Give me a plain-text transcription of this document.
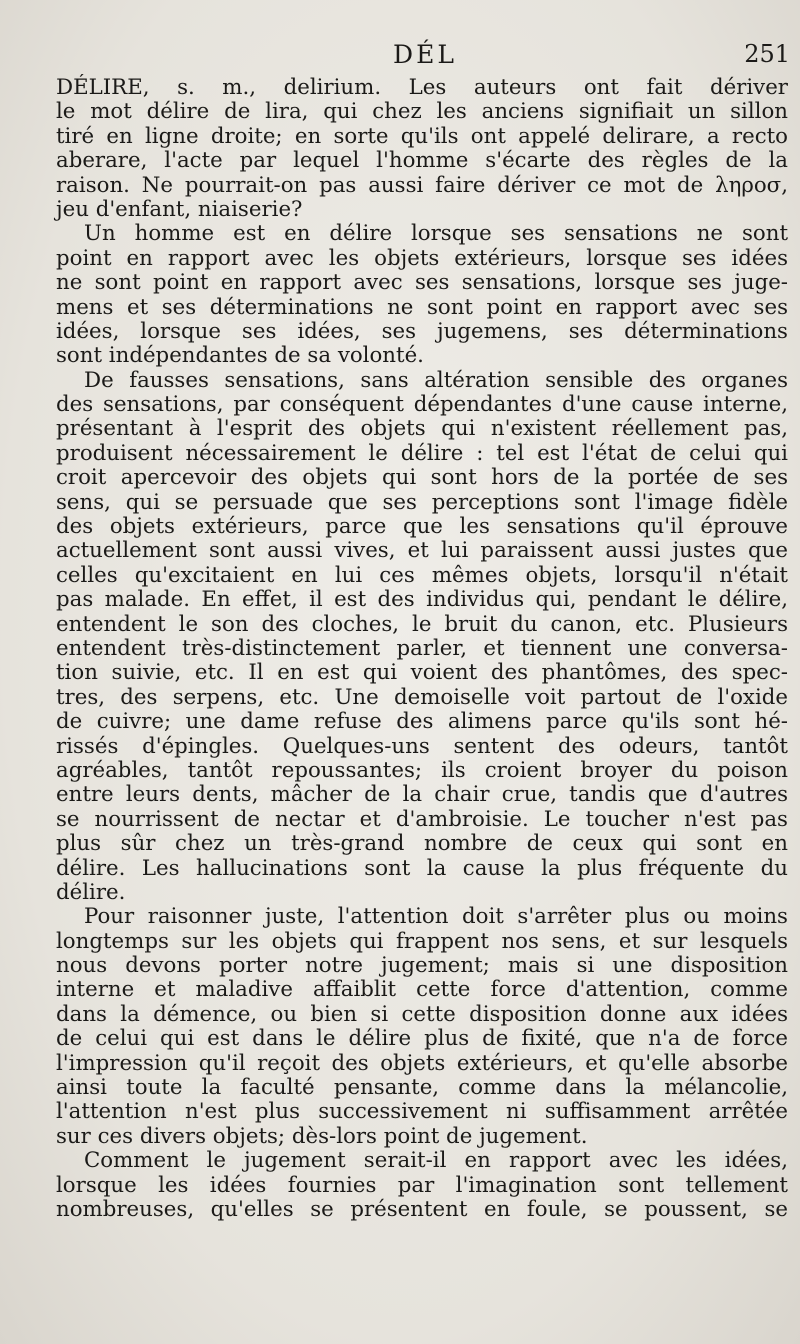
DÉL	251
DÉLIRE, s. m., delirium. Les auteurs ont fait dériver
le mot délire de lira, qui chez les anciens signifiait un sillon
tiré en ligne droite; en sorte qu'ils ont appelé delirare, a recto
aberare, l'acte par lequel l'homme s'écarte des règles de la
raison. Ne pourrait-on pas aussi faire dériver ce mot de ληροσ,
jeu d'enfant, niaiserie?
Un homme est en délire lorsque ses sensations ne sont
point en rapport avec les objets extérieurs, lorsque ses idées
ne sont point en rapport avec ses sensations, lorsque ses juge-
mens et ses déterminations ne sont point en rapport avec ses
idées, lorsque ses idées, ses jugemens, ses déterminations
sont indépendantes de sa volonté.
De fausses sensations, sans altération sensible des organes
des sensations, par conséquent dépendantes d'une cause interne,
présentant à l'esprit des objets qui n'existent réellement pas,
produisent nécessairement le délire : tel est l'état de celui qui
croit apercevoir des objets qui sont hors de la portée de ses
sens, qui se persuade que ses perceptions sont l'image fidèle
des objets extérieurs, parce que les sensations qu'il éprouve
actuellement sont aussi vives, et lui paraissent aussi justes que
celles qu'excitaient en lui ces mêmes objets, lorsqu'il n'était
pas malade. En effet, il est des individus qui, pendant le délire,
entendent le son des cloches, le bruit du canon, etc. Plusieurs
entendent très-distinctement parler, et tiennent une conversa-
tion suivie, etc. Il en est qui voient des phantômes, des spec-
tres, des serpens, etc. Une demoiselle voit partout de l'oxide
de cuivre; une dame refuse des alimens parce qu'ils sont hé-
rissés d'épingles. Quelques-uns sentent des odeurs, tantôt
agréables, tantôt repoussantes; ils croient broyer du poison
entre leurs dents, mâcher de la chair crue, tandis que d'autres
se nourrissent de nectar et d'ambroisie. Le toucher n'est pas
plus sûr chez un très-grand nombre de ceux qui sont en
délire. Les hallucinations sont la cause la plus fréquente du
délire.
Pour raisonner juste, l'attention doit s'arrêter plus ou moins
longtemps sur les objets qui frappent nos sens, et sur lesquels
nous devons porter notre jugement; mais si une disposition
interne et maladive affaiblit cette force d'attention, comme
dans la démence, ou bien si cette disposition donne aux idées
de celui qui est dans le délire plus de fixité, que n'a de force
l'impression qu'il reçoit des objets extérieurs, et qu'elle absorbe
ainsi toute la faculté pensante, comme dans la mélancolie,
l'attention n'est plus successivement ni suffisamment arrêtée
sur ces divers objets; dès-lors point de jugement.
Comment le jugement serait-il en rapport avec les idées,
lorsque les idées fournies par l'imagination sont tellement
nombreuses, qu'elles se présentent en foule, se poussent, se
